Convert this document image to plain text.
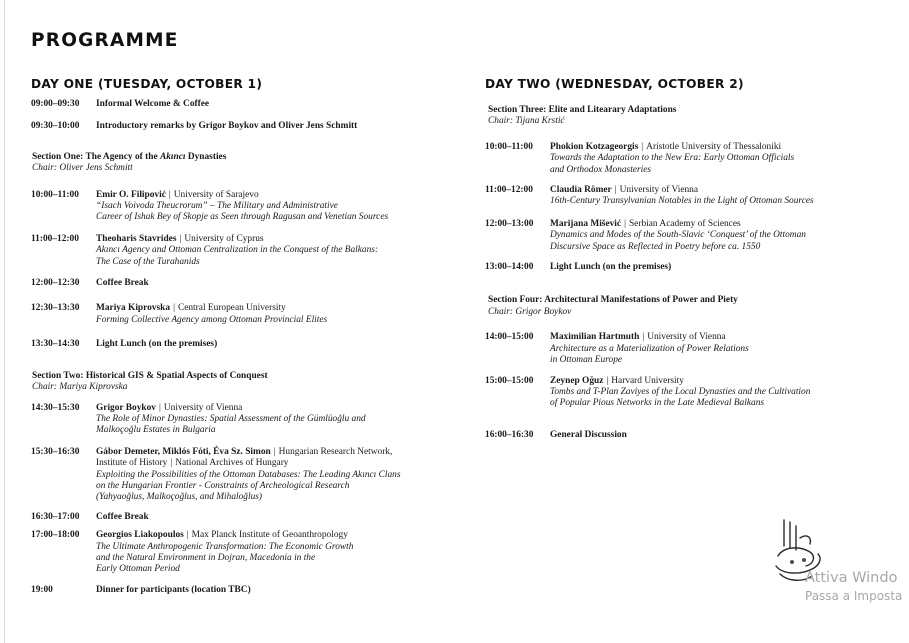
PROGRAMME
DAY ONE (TUESDAY, OCTOBER 1)
09:00–09:30	Informal Welcome & Coffee
09:30–10:00	Introductory remarks by Grigor Boykov and Oliver Jens Schmitt
Section One: The Agency of the Akıncı Dynasties
Chair: Oliver Jens Schmitt
10:00–11:00	Emir O. Filipović | University of Sarajevo
“Isach Voivoda Theucrorum” – The Military and Administrative
Career of Ishak Bey of Skopje as Seen through Ragusan and Venetian Sources
11:00–12:00	Theoharis Stavrides | University of Cyprus
Akıncı Agency and Ottoman Centralization in the Conquest of the Balkans:
The Case of the Turahanids
12:00–12:30	Coffee Break
12:30–13:30	Mariya Kiprovska | Central European University
Forming Collective Agency among Ottoman Provincial Elites
13:30–14:30	Light Lunch (on the premises)
Section Two: Historical GIS & Spatial Aspects of Conquest
Chair: Mariya Kiprovska
14:30–15:30	Grigor Boykov | University of Vienna
The Role of Minor Dynasties: Spatial Assessment of the Gümlüoğlu and
Malkoçoğlu Estates in Bulgaria
15:30–16:30	Gábor Demeter, Miklós Fóti, Éva Sz. Simon | Hungarian Research Network,
Institute of History | National Archives of Hungary
Exploiting the Possibilities of the Ottoman Databases: The Leading Akıncı Clans
on the Hungarian Frontier - Constraints of Archeological Research
(Yahyaoğlus, Malkoçoğlus, and Mihaloğlus)
16:30–17:00	Coffee Break
17:00–18:00	Georgios Liakopoulos | Max Planck Institute of Geoanthropology
The Ultimate Anthropogenic Transformation: The Economic Growth
and the Natural Environment in Dojran, Macedonia in the
Early Ottoman Period
19:00	Dinner for participants (location TBC)
DAY TWO (WEDNESDAY, OCTOBER 2)
Section Three: Elite and Litearary Adaptations
Chair: Tijana Krstić
10:00–11:00	Phokion Kotzageorgis | Aristotle University of Thessaloniki
Towards the Adaptation to the New Era: Early Ottoman Officials
and Orthodox Monasteries
11:00–12:00	Claudia Römer | University of Vienna
16th-Century Transylvanian Notables in the Light of Ottoman Sources
12:00–13:00	Marijana Mišević | Serbian Academy of Sciences
Dynamics and Modes of the South-Slavic ‘Conquest’ of the Ottoman
Discursive Space as Reflected in Poetry before ca. 1550
13:00–14:00	Light Lunch (on the premises)
Section Four: Architectural Manifestations of Power and Piety
Chair: Grigor Boykov
14:00–15:00	Maximilian Hartmuth | University of Vienna
Architecture as a Materialization of Power Relations
in Ottoman Europe
15:00–15:00	Zeynep Oğuz | Harvard University
Tombs and T-Plan Zaviyes of the Local Dynasties and the Cultivation
of Popular Pious Networks in the Late Medieval Balkans
16:00–16:30	General Discussion
Attiva Windo
Passa a Imposta
